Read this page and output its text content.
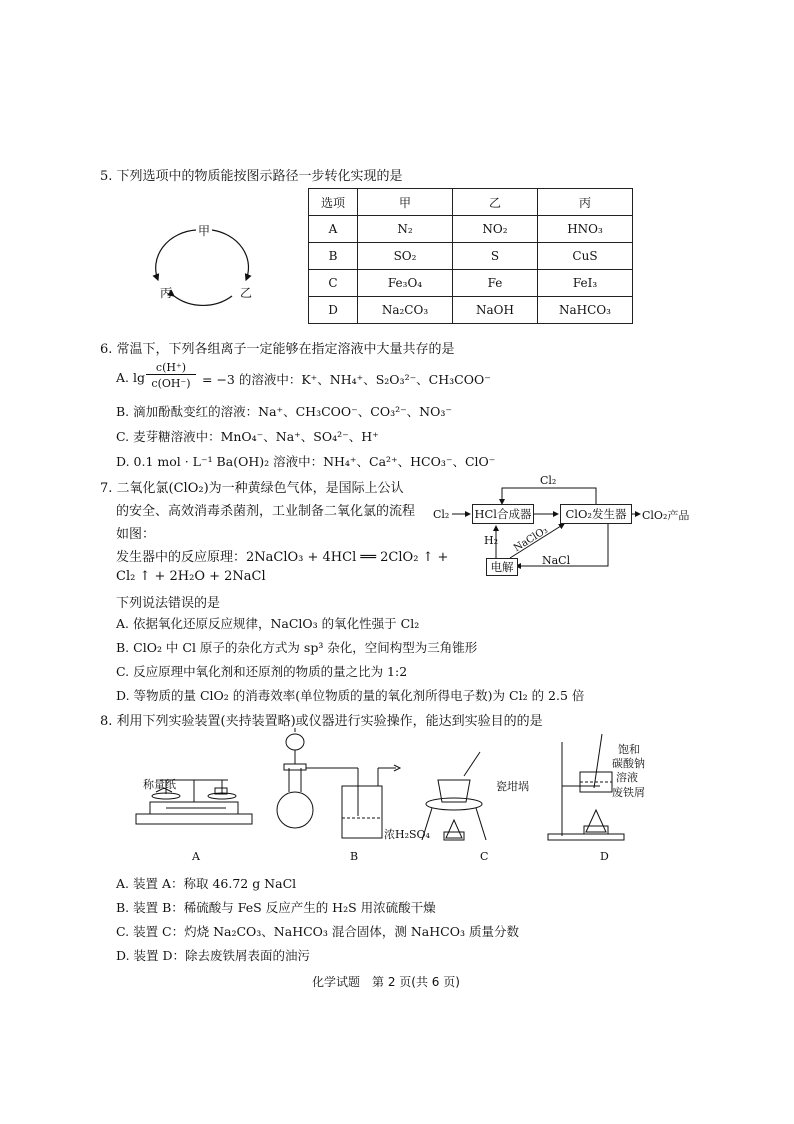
5. 下列选项中的物质能按图示路径一步转化实现的是
甲
丙	乙
选项	甲	乙	丙
A	N₂	NO₂	HNO₃
B	SO₂	S	CuS
C	Fe₃O₄	Fe	FeI₃
D	Na₂CO₃	NaOH	NaHCO₃
6. 常温下，下列各组离子一定能够在指定溶液中大量共存的是
A. lg
c(H⁺)
c(OH⁻) = −3 的溶液中：K⁺、NH₄⁺、S₂O₃²⁻、CH₃COO⁻
B. 滴加酚酞变红的溶液：Na⁺、CH₃COO⁻、CO₃²⁻、NO₃⁻
C. 麦芽糖溶液中：MnO₄⁻、Na⁺、SO₄²⁻、H⁺
D. 0.1 mol · L⁻¹ Ba(OH)₂ 溶液中：NH₄⁺、Ca²⁺、HCO₃⁻、ClO⁻
7. 二氧化氯(ClO₂)为一种黄绿色气体，是国际上公认
的安全、高效消毒杀菌剂，工业制备二氧化氯的流程
如图：
发生器中的反应原理：2NaClO₃ + 4HCl ══ 2ClO₂ ↑ +
Cl₂ ↑ + 2H₂O + 2NaCl
下列说法错误的是
Cl₂ HCl合成器	ClO₂发生器	ClO₂产品
Cl₂
H₂ NaClO₃
NaCl
电解
A. 依据氧化还原反应规律，NaClO₃ 的氧化性强于 Cl₂
B. ClO₂ 中 Cl 原子的杂化方式为 sp³ 杂化，空间构型为三角锥形
C. 反应原理中氧化剂和还原剂的物质的量之比为 1:2
D. 等物质的量 ClO₂ 的消毒效率(单位物质的量的氧化剂所得电子数)为 Cl₂ 的 2.5 倍
8. 利用下列实验装置(夹持装置略)或仪器进行实验操作，能达到实验目的的是
称量纸
浓H₂SO₄
瓷坩埚
饱和
碳酸钠
溶液
废铁屑
A	B	C	D
A. 装置 A：称取 46.72 g NaCl
B. 装置 B：稀硫酸与 FeS 反应产生的 H₂S 用浓硫酸干燥
C. 装置 C：灼烧 Na₂CO₃、NaHCO₃ 混合固体，测 NaHCO₃ 质量分数
D. 装置 D：除去废铁屑表面的油污
化学试题　第 2 页(共 6 页)
